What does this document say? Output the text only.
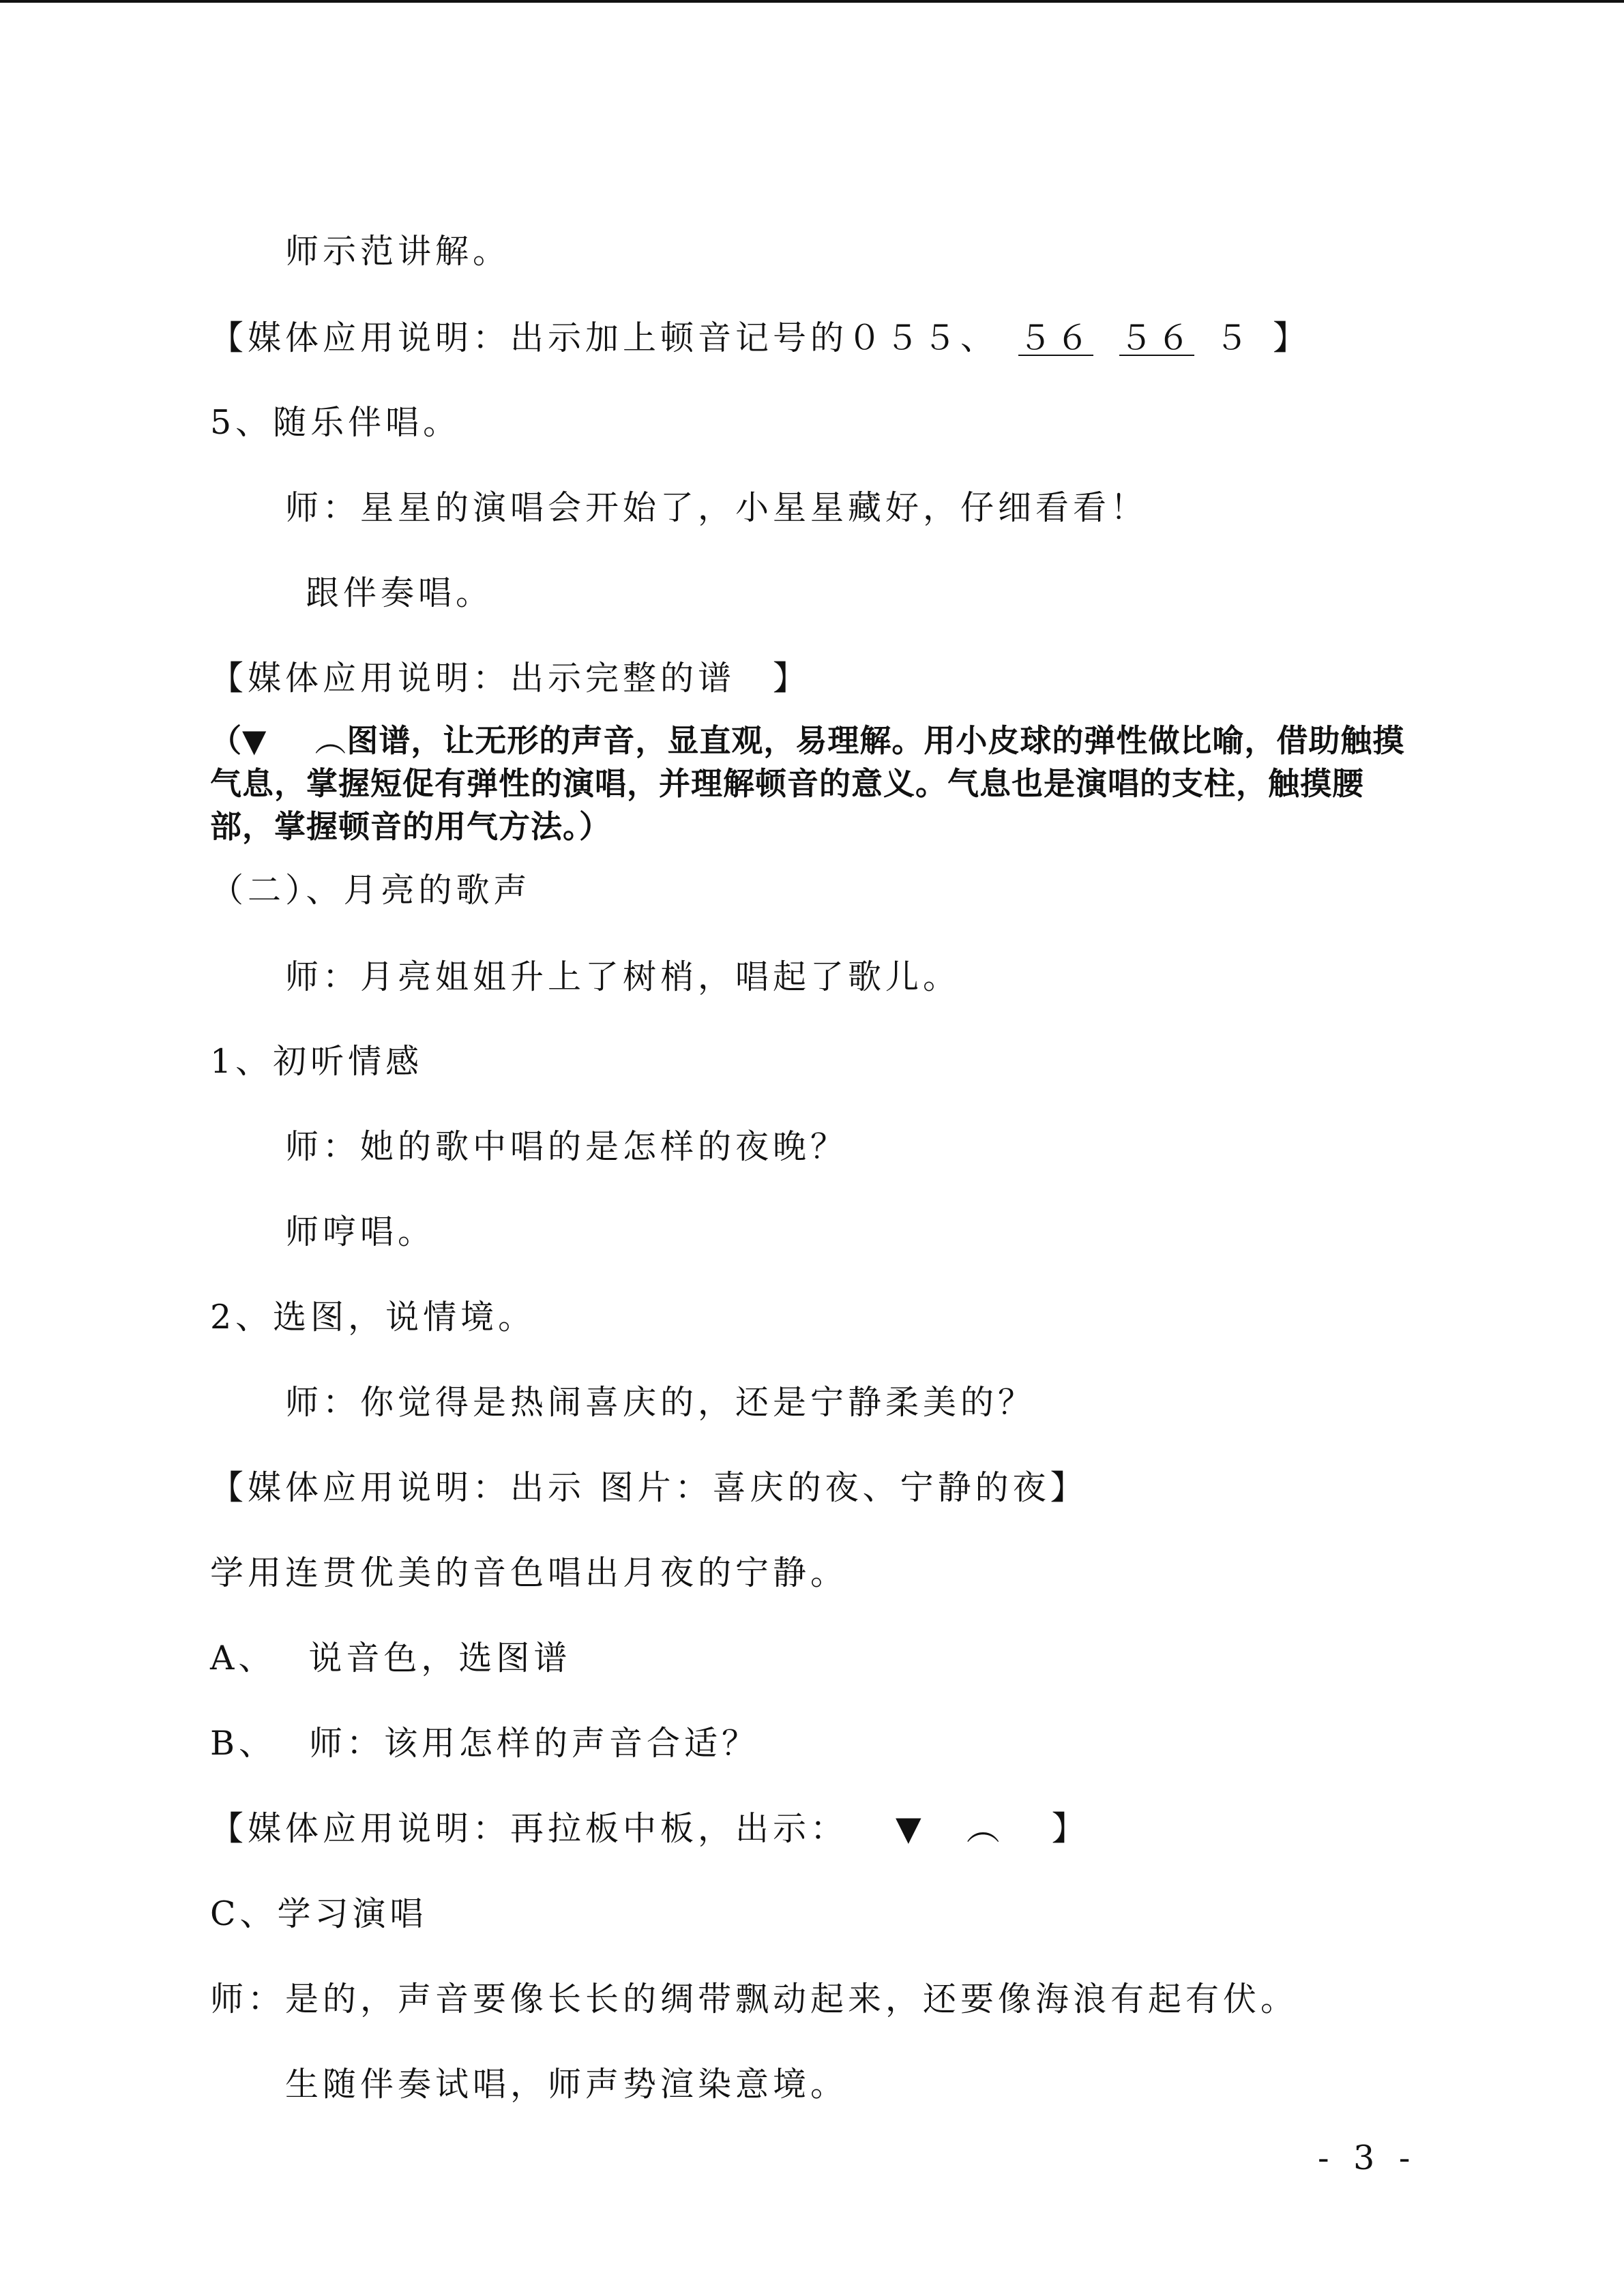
师示范讲解。
【媒体应用说明：出示加上顿音记号的０５５、 ５６ ５６ ５ 】
5、随乐伴唱。
师：星星的演唱会开始了，小星星藏好，仔细看看！
跟伴奏唱。
【媒体应用说明：出示完整的谱　】
（▼ ︵图谱，让无形的声音，显直观，易理解。用小皮球的弹性做比喻，借助触摸气息，掌握短促有弹性的演唱，并理解顿音的意义。气息也是演唱的支柱，触摸腰部，掌握顿音的用气方法。）
（二）、月亮的歌声
师：月亮姐姐升上了树梢，唱起了歌儿。
1、初听情感
师：她的歌中唱的是怎样的夜晚？
师哼唱。
2、选图，说情境。
师：你觉得是热闹喜庆的，还是宁静柔美的？
【媒体应用说明：出示 图片：喜庆的夜、宁静的夜】
学用连贯优美的音色唱出月夜的宁静。
A、 说音色，选图谱
B、 师：该用怎样的声音合适？
【媒体应用说明：再拉板中板，出示： ▼ ︵ 】
C、学习演唱
师：是的，声音要像长长的绸带飘动起来，还要像海浪有起有伏。
生随伴奏试唱，师声势渲染意境。
- 3 -
